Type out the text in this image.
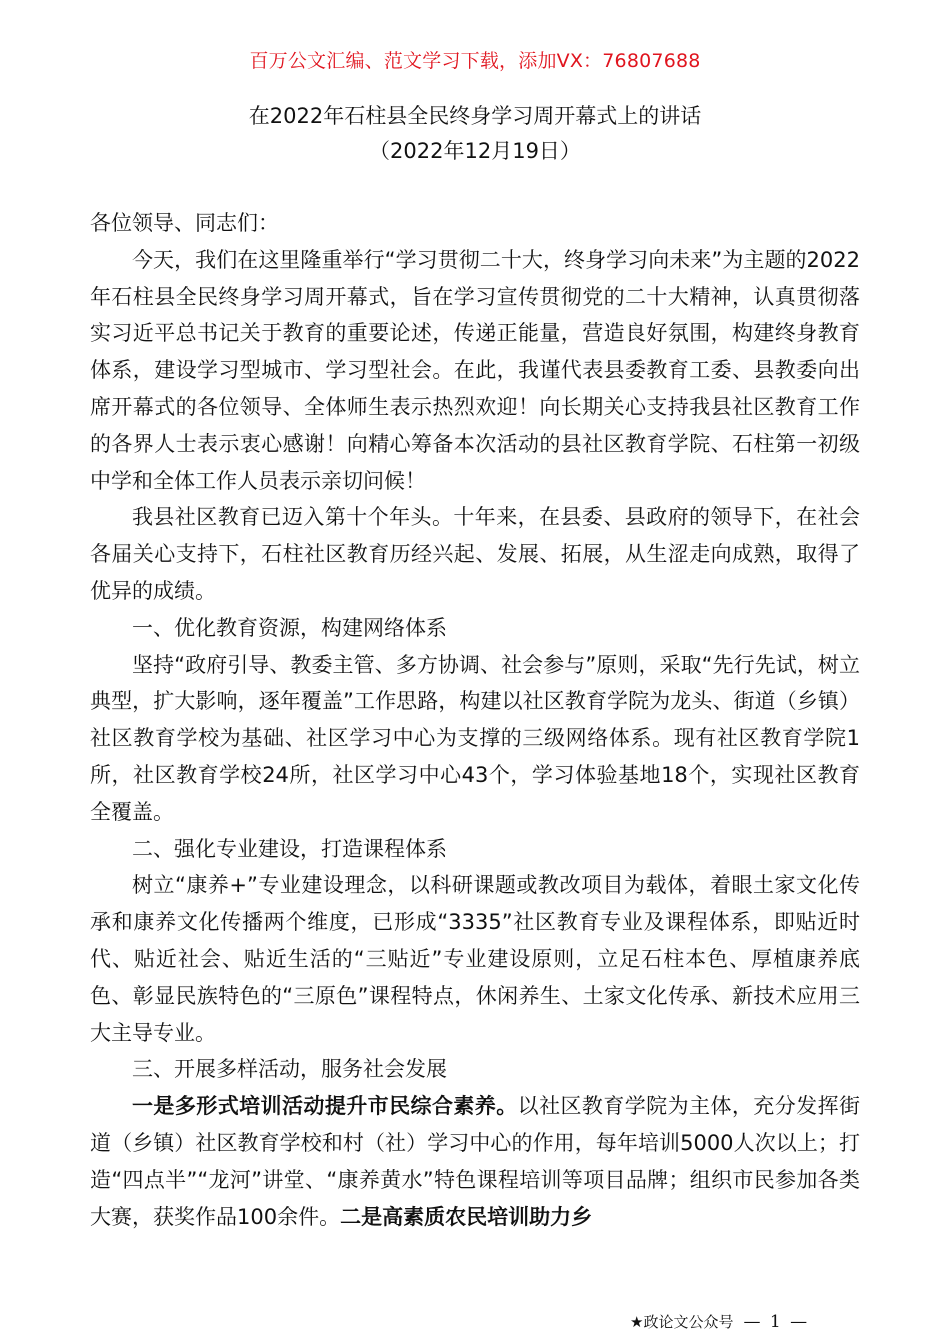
百万公文汇编、范文学习下载，添加VX：76807688
在2022年石柱县全民终身学习周开幕式上的讲话
（2022年12月19日）

各位领导、同志们：

今天，我们在这里隆重举行“学习贯彻二十大，终身学习向未来”为主题的2022年石柱县全民终身学习周开幕式，旨在学习宣传贯彻党的二十大精神，认真贯彻落实习近平总书记关于教育的重要论述，传递正能量，营造良好氛围，构建终身教育体系，建设学习型城市、学习型社会。在此，我谨代表县委教育工委、县教委向出席开幕式的各位领导、全体师生表示热烈欢迎！向长期关心支持我县社区教育工作的各界人士表示衷心感谢！向精心筹备本次活动的县社区教育学院、石柱第一初级中学和全体工作人员表示亲切问候！

我县社区教育已迈入第十个年头。十年来，在县委、县政府的领导下，在社会各届关心支持下，石柱社区教育历经兴起、发展、拓展，从生涩走向成熟，取得了优异的成绩。

一、优化教育资源，构建网络体系

坚持“政府引导、教委主管、多方协调、社会参与”原则，采取“先行先试，树立典型，扩大影响，逐年覆盖”工作思路，构建以社区教育学院为龙头、街道（乡镇）社区教育学校为基础、社区学习中心为支撑的三级网络体系。现有社区教育学院1所，社区教育学校24所，社区学习中心43个，学习体验基地18个，实现社区教育全覆盖。

二、强化专业建设，打造课程体系

树立“康养+”专业建设理念，以科研课题或教改项目为载体，着眼土家文化传承和康养文化传播两个维度，已形成“3335”社区教育专业及课程体系，即贴近时代、贴近社会、贴近生活的“三贴近”专业建设原则，立足石柱本色、厚植康养底色、彰显民族特色的“三原色”课程特点，休闲养生、土家文化传承、新技术应用三大主导专业。

三、开展多样活动，服务社会发展

一是多形式培训活动提升市民综合素养。以社区教育学院为主体，充分发挥街道（乡镇）社区教育学校和村（社）学习中心的作用，每年培训5000人次以上；打造“四点半”“龙河”讲堂、“康养黄水”特色课程培训等项目品牌；组织市民参加各类大赛，获奖作品100余件。二是高素质农民培训助力乡

★政论文公众号 — 1 —
